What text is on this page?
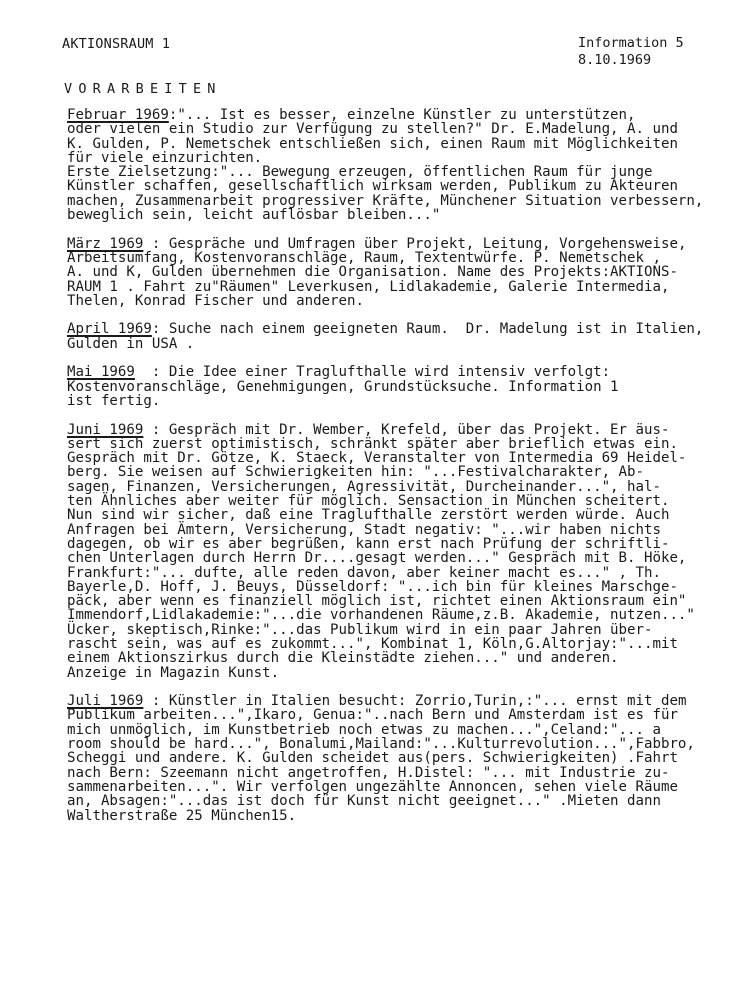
AKTIONSRAUM 1	Information 5
8.10.1969
VORARBEITEN

Februar 1969:"... Ist es besser, einzelne Künstler zu unterstützen,

oder vielen ein Studio zur Verfügung zu stellen?" Dr. E.Madelung, A. und

K. Gulden, P. Nemetschek entschließen sich, einen Raum mit Möglichkeiten

für viele einzurichten.

Erste Zielsetzung:"... Bewegung erzeugen, öffentlichen Raum für junge

Künstler schaffen, gesellschaftlich wirksam werden, Publikum zu Akteuren

machen, Zusammenarbeit progressiver Kräfte, Münchener Situation verbessern,

beweglich sein, leicht auflösbar bleiben..."

März 1969 : Gespräche und Umfragen über Projekt, Leitung, Vorgehensweise,

Arbeitsumfang, Kostenvoranschläge, Raum, Textentwürfe. P. Nemetschek ,

A. und K, Gulden übernehmen die Organisation. Name des Projekts:AKTIONS-

RAUM 1 . Fahrt zu"Räumen" Leverkusen, Lidlakademie, Galerie Intermedia,

Thelen, Konrad Fischer und anderen.

April 1969: Suche nach einem geeigneten Raum.  Dr. Madelung ist in Italien,

Gulden in USA .

Mai 1969  : Die Idee einer Traglufthalle wird intensiv verfolgt:

Kostenvoranschläge, Genehmigungen, Grundstücksuche. Information 1

ist fertig.

Juni 1969 : Gespräch mit Dr. Wember, Krefeld, über das Projekt. Er äus-

sert sich zuerst optimistisch, schränkt später aber brieflich etwas ein.

Gespräch mit Dr. Götze, K. Staeck, Veranstalter von Intermedia 69 Heidel-

berg. Sie weisen auf Schwierigkeiten hin: "...Festivalcharakter, Ab-

sagen, Finanzen, Versicherungen, Agressivität, Durcheinander...", hal-

ten Ähnliches aber weiter für möglich. Sensaction in München scheitert.

Nun sind wir sicher, daß eine Traglufthalle zerstört werden würde. Auch

Anfragen bei Ämtern, Versicherung, Stadt negativ: "...wir haben nichts

dagegen, ob wir es aber begrüßen, kann erst nach Prüfung der schriftli-

chen Unterlagen durch Herrn Dr....gesagt werden..." Gespräch mit B. Höke,

Frankfurt:"... dufte, alle reden davon, aber keiner macht es..." , Th.

Bayerle,D. Hoff, J. Beuys, Düsseldorf: "...ich bin für kleines Marschge-

päck, aber wenn es finanziell möglich ist, richtet einen Aktionsraum ein"

Immendorf,Lidlakademie:"...die vorhandenen Räume,z.B. Akademie, nutzen..."

Ücker, skeptisch,Rinke:"...das Publikum wird in ein paar Jahren über-

rascht sein, was auf es zukommt...", Kombinat 1, Köln,G.Altorjay:"...mit

einem Aktionszirkus durch die Kleinstädte ziehen..." und anderen.

Anzeige in Magazin Kunst.

Juli 1969 : Künstler in Italien besucht: Zorrio,Turin,:"... ernst mit dem

Publikum arbeiten...",Ikaro, Genua:"..nach Bern und Amsterdam ist es für

mich unmöglich, im Kunstbetrieb noch etwas zu machen...",Celand:"... a

room should be hard...", Bonalumi,Mailand:"...Kulturrevolution...",Fabbro,

Scheggi und andere. K. Gulden scheidet aus(pers. Schwierigkeiten) .Fahrt

nach Bern: Szeemann nicht angetroffen, H.Distel: "... mit Industrie zu-

sammenarbeiten...". Wir verfolgen ungezählte Annoncen, sehen viele Räume

an, Absagen:"...das ist doch für Kunst nicht geeignet..." .Mieten dann

Waltherstraße 25 München15.
